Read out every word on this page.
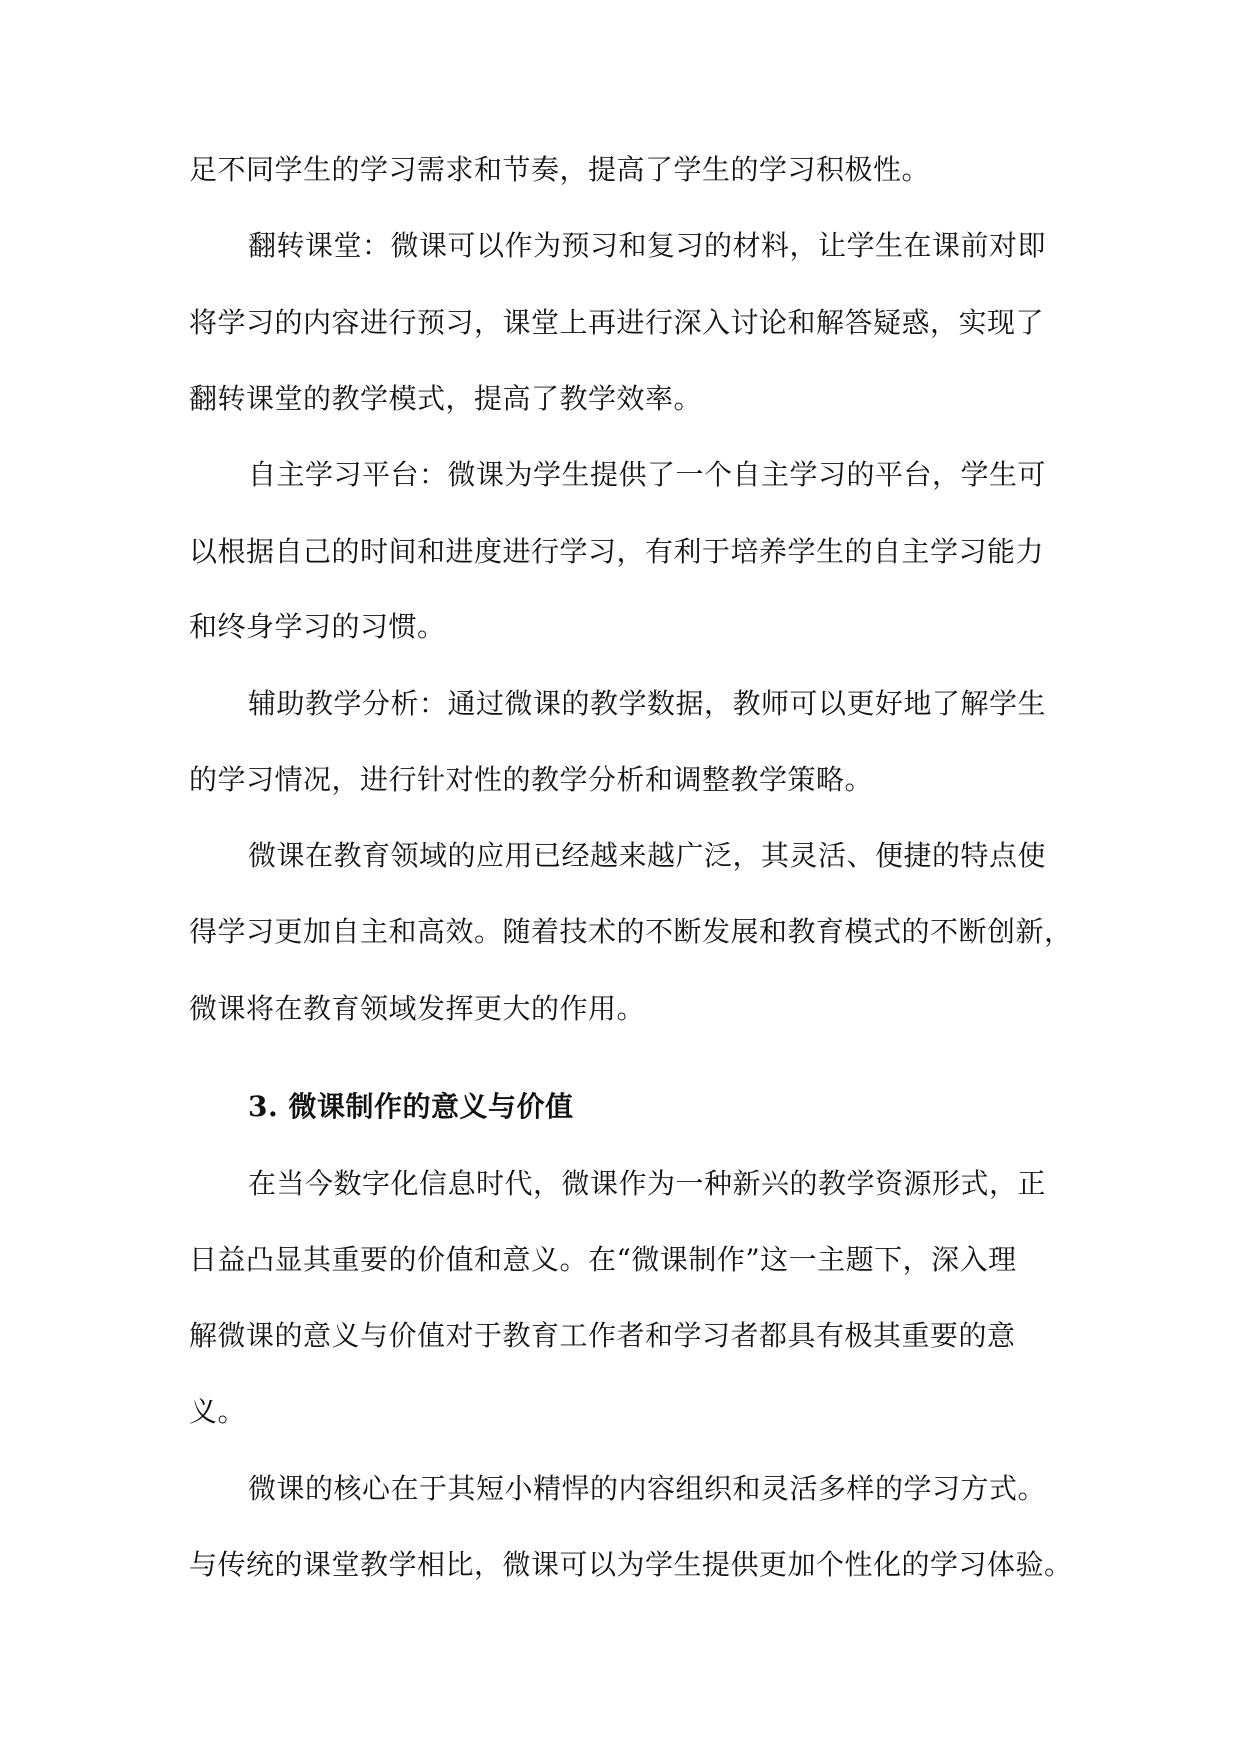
足不同学生的学习需求和节奏，提高了学生的学习积极性。
翻转课堂：微课可以作为预习和复习的材料，让学生在课前对即
将学习的内容进行预习，课堂上再进行深入讨论和解答疑惑，实现了
翻转课堂的教学模式，提高了教学效率。
自主学习平台：微课为学生提供了一个自主学习的平台，学生可
以根据自己的时间和进度进行学习，有利于培养学生的自主学习能力
和终身学习的习惯。
辅助教学分析：通过微课的教学数据，教师可以更好地了解学生
的学习情况，进行针对性的教学分析和调整教学策略。
微课在教育领域的应用已经越来越广泛，其灵活、便捷的特点使
得学习更加自主和高效。随着技术的不断发展和教育模式的不断创新，
微课将在教育领域发挥更大的作用。
3. 微课制作的意义与价值
在当今数字化信息时代，微课作为一种新兴的教学资源形式，正
日益凸显其重要的价值和意义。在“微课制作”这一主题下，深入理
解微课的意义与价值对于教育工作者和学习者都具有极其重要的意
义。
微课的核心在于其短小精悍的内容组织和灵活多样的学习方式。
与传统的课堂教学相比，微课可以为学生提供更加个性化的学习体验。
